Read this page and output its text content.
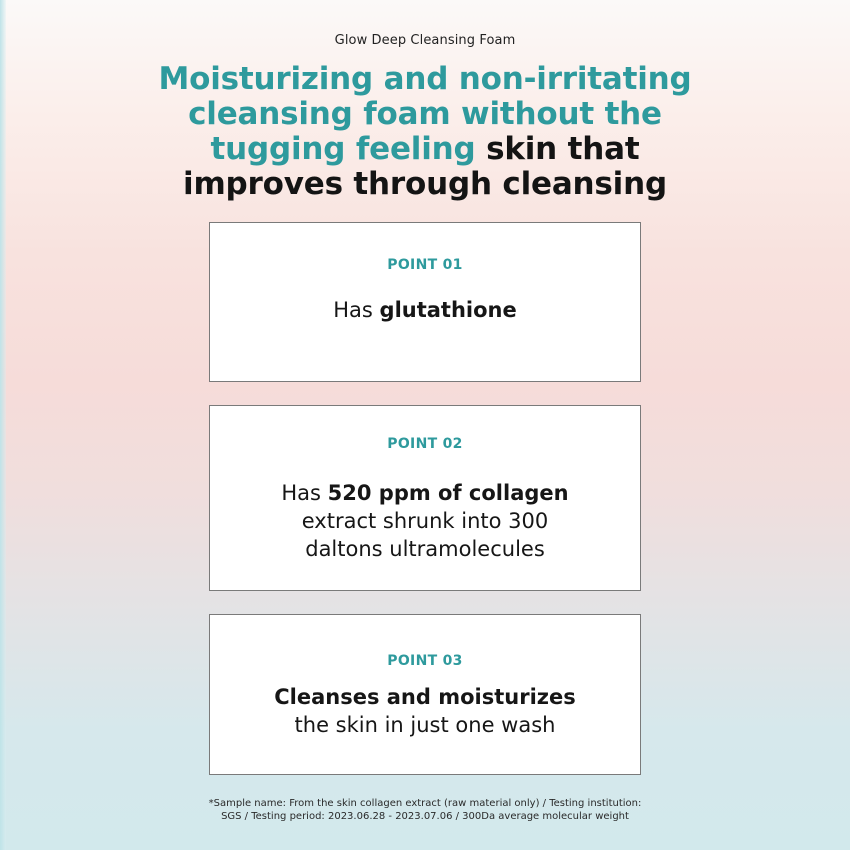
Glow Deep Cleansing Foam
Moisturizing and non-irritating
cleansing foam without the
tugging feeling skin that
improves through cleansing
POINT 01
Has glutathione
POINT 02
Has 520 ppm of collagen
extract shrunk into 300
daltons ultramolecules
POINT 03
Cleanses and moisturizes
the skin in just one wash
*Sample name: From the skin collagen extract (raw material only) / Testing institution:
SGS / Testing period: 2023.06.28 - 2023.07.06 / 300Da average molecular weight
